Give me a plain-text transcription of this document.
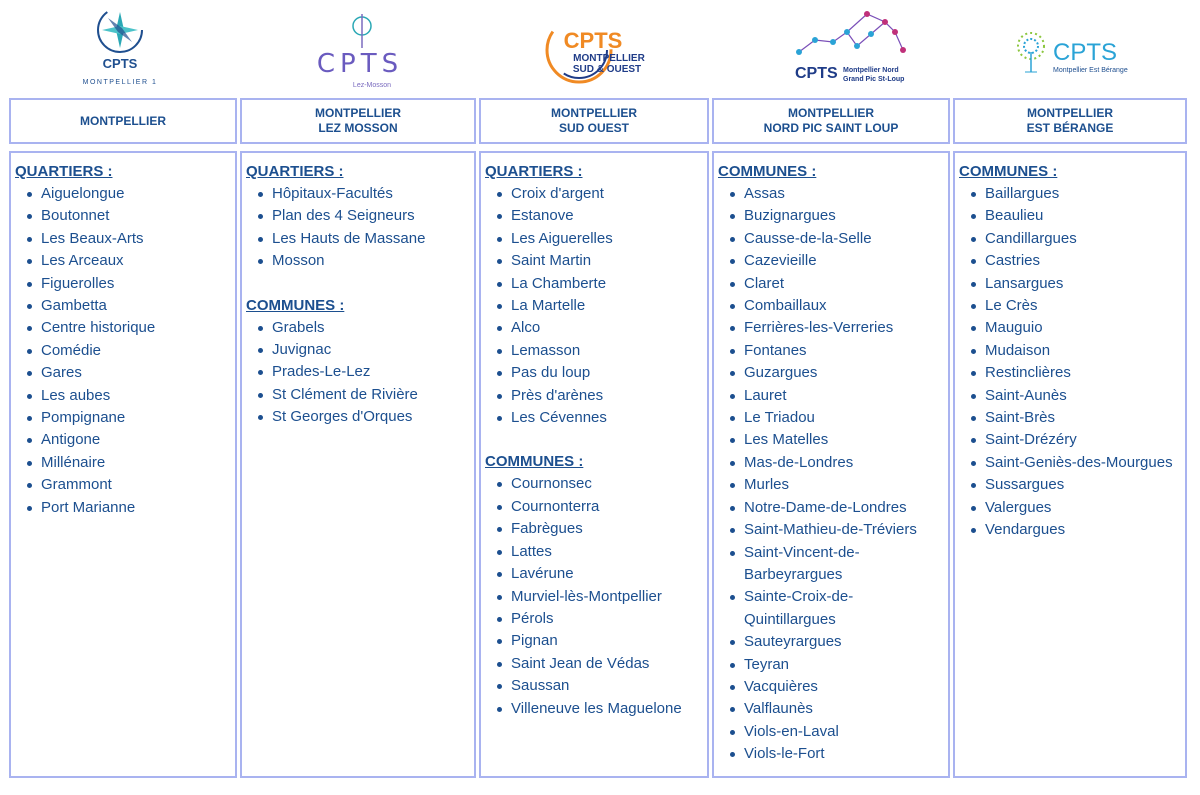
CPTS
MONTPELLIER 1
CPTS
Lez-Mosson
CPTS
MONTPELLIER
SUD & OUEST	CPTS Montpellier Nord
Grand Pic St-Loup
CPTS
Montpellier Est Bérange
MONTPELLIER
MONTPELLIER
LEZ MOSSON
MONTPELLIER
SUD OUEST
MONTPELLIER
NORD PIC SAINT LOUP
MONTPELLIER
EST BÉRANGE
QUARTIERS :
Aiguelongue
Boutonnet
Les Beaux-Arts
Les Arceaux
Figuerolles
Gambetta
Centre historique
Comédie
Gares
Les aubes
Pompignane
Antigone
Millénaire
Grammont
Port Marianne
QUARTIERS :
Hôpitaux-Facultés
Plan des 4 Seigneurs
Les Hauts de Massane
Mosson
COMMUNES :
Grabels
Juvignac
Prades-Le-Lez
St Clément de Rivière
St Georges d'Orques
QUARTIERS :
Croix d'argent
Estanove
Les Aiguerelles
Saint Martin
La Chamberte
La Martelle
Alco
Lemasson
Pas du loup
Près d'arènes
Les Cévennes
COMMUNES :
Cournonsec
Cournonterra
Fabrègues
Lattes
Lavérune
Murviel-lès-Montpellier
Pérols
Pignan
Saint Jean de Védas
Saussan
Villeneuve les Maguelone
COMMUNES :
Assas
Buzignargues
Causse-de-la-Selle
Cazevieille
Claret
Combaillaux
Ferrières-les-Verreries
Fontanes
Guzargues
Lauret
Le Triadou
Les Matelles
Mas-de-Londres
Murles
Notre-Dame-de-Londres
Saint-Mathieu-de-Tréviers
Saint-Vincent-de-Barbeyrargues
Sainte-Croix-de-Quintillargues
Sauteyrargues
Teyran
Vacquières
Valflaunès
Viols-en-Laval
Viols-le-Fort
COMMUNES :
Baillargues
Beaulieu
Candillargues
Castries
Lansargues
Le Crès
Mauguio
Mudaison
Restinclières
Saint-Aunès
Saint-Brès
Saint-Drézéry
Saint-Geniès-des-Mourgues
Sussargues
Valergues
Vendargues
